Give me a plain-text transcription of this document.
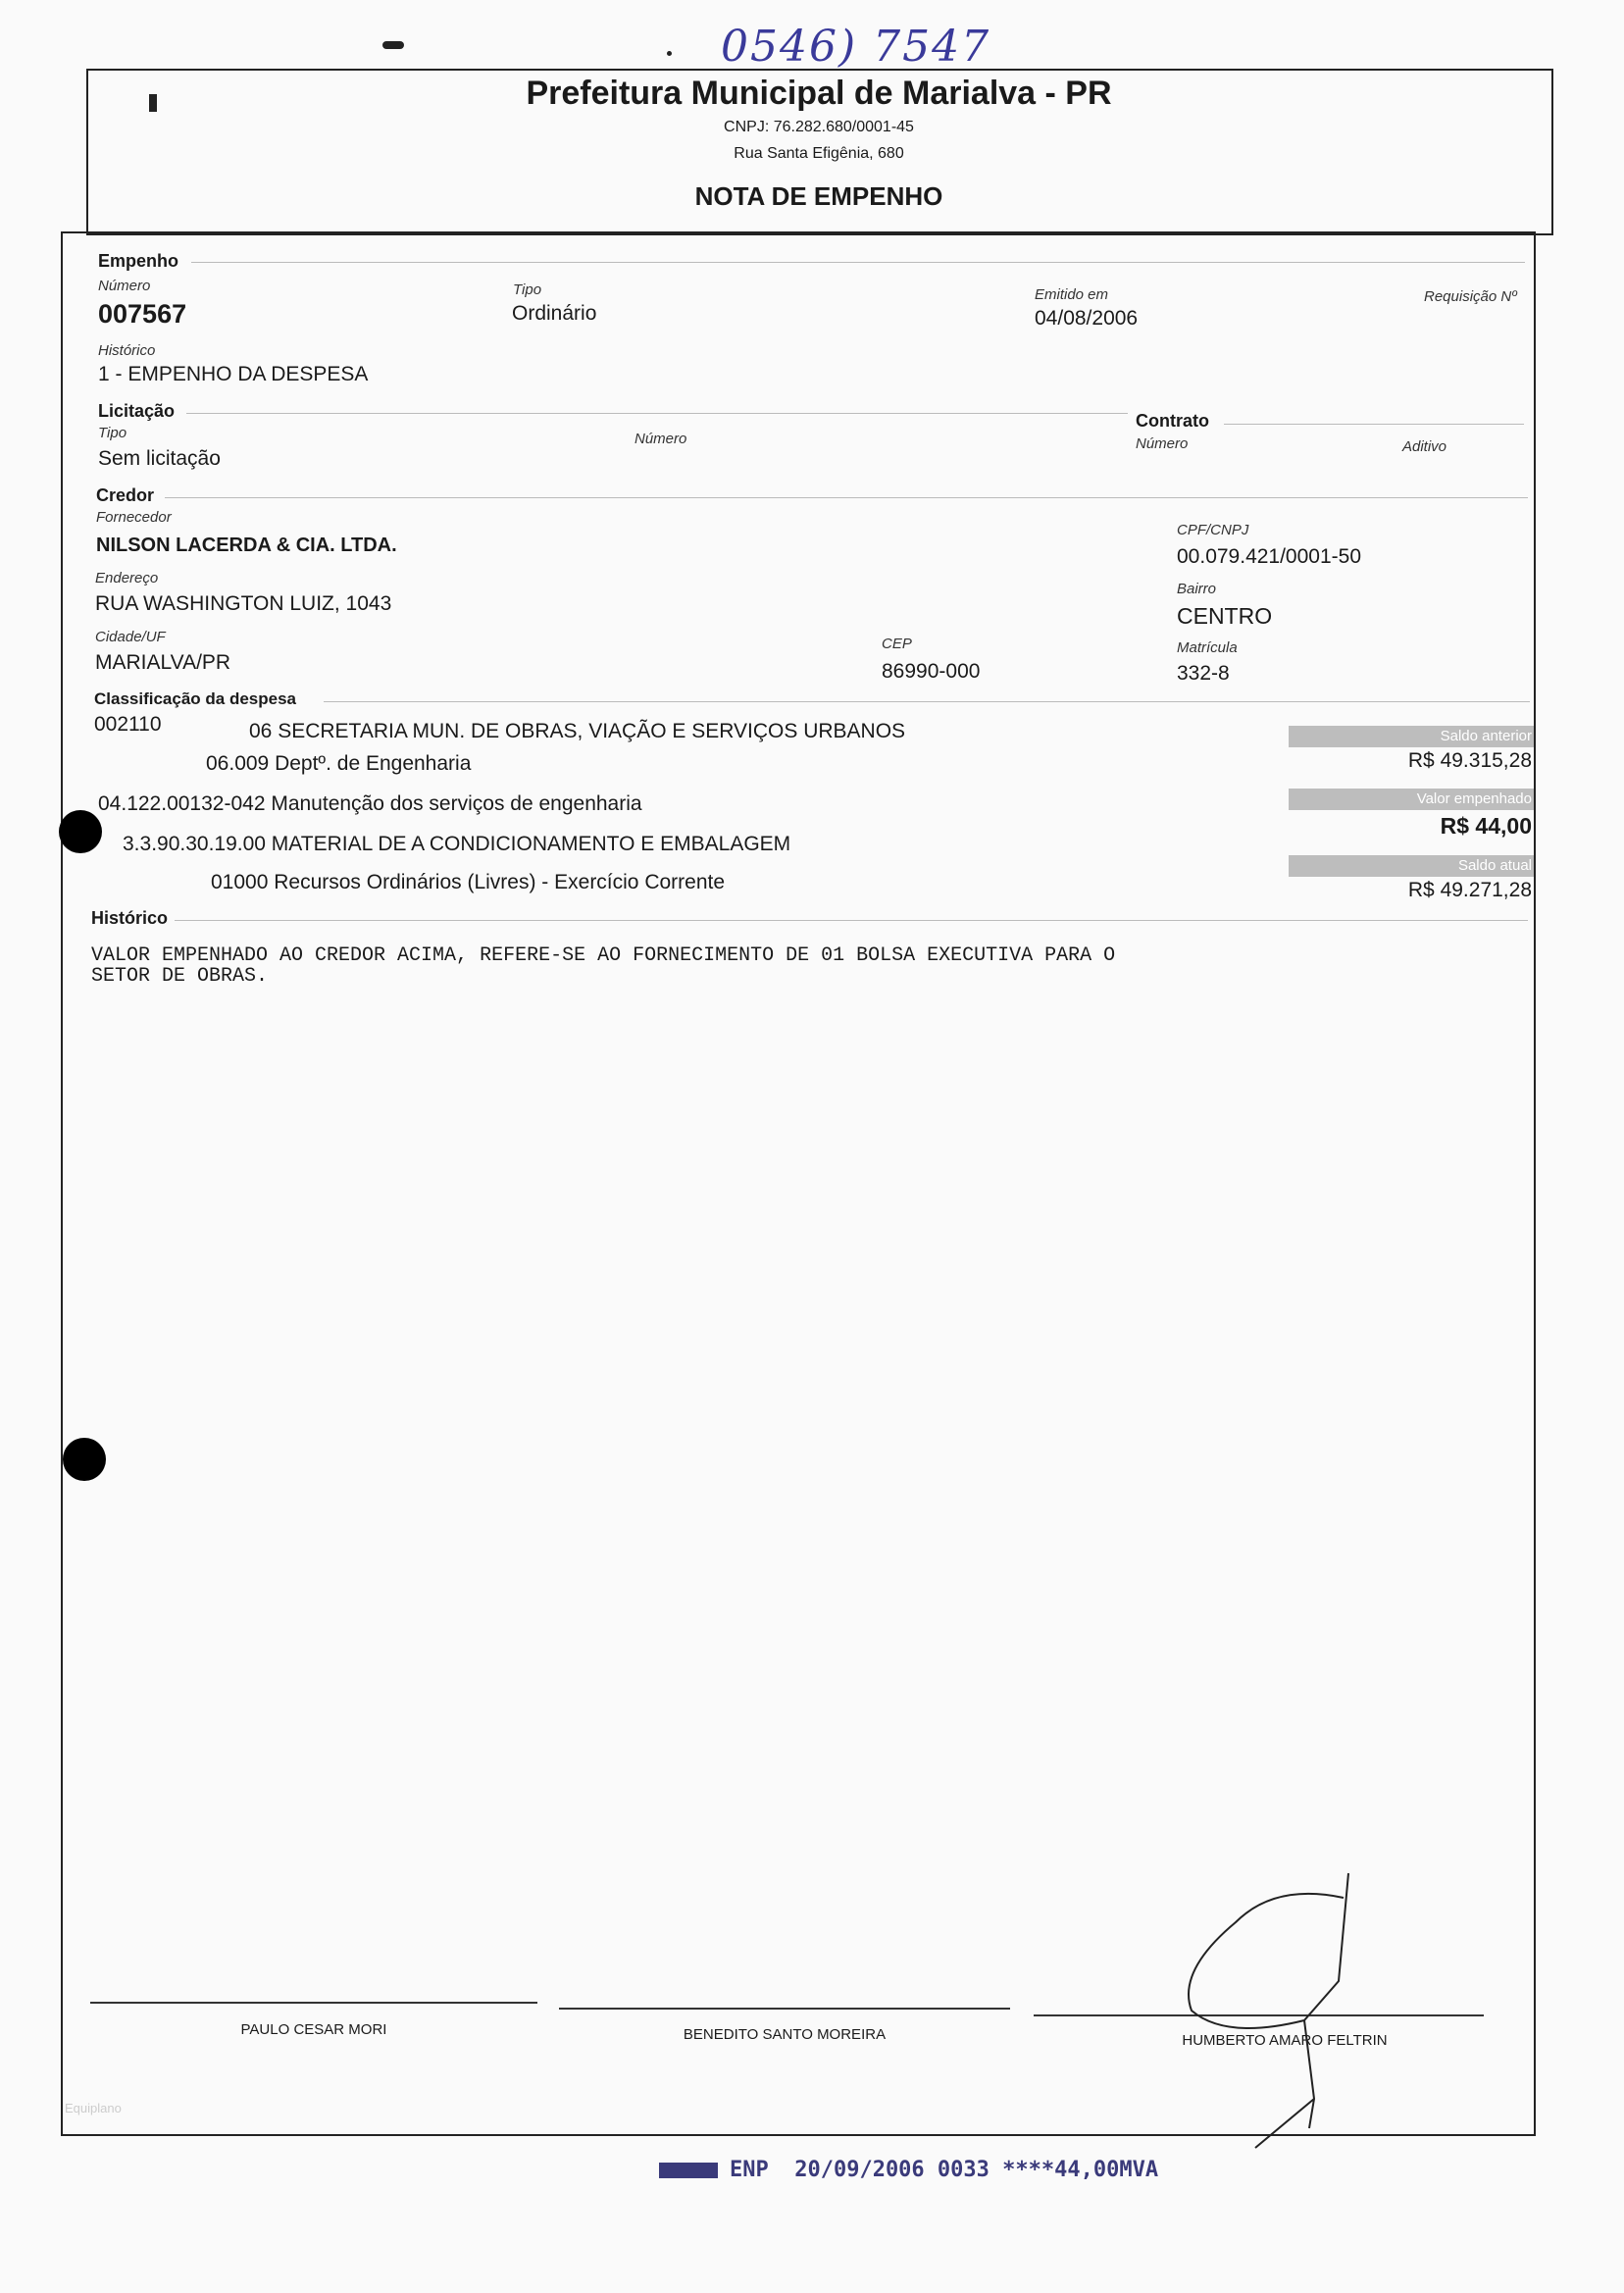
0546) 7547
Prefeitura Municipal de Marialva - PR
CNPJ: 76.282.680/0001-45
Rua Santa Efigênia, 680
NOTA DE EMPENHO
Empenho
Número
007567
Tipo
Ordinário
Emitido em
04/08/2006
Requisição Nº
Histórico
1 - EMPENHO DA DESPESA
Licitação
Tipo
Sem licitação
Número
Contrato
Número	Aditivo
Credor
Fornecedor
NILSON LACERDA & CIA. LTDA.
CPF/CNPJ
00.079.421/0001-50
Endereço
RUA WASHINGTON LUIZ, 1043
Bairro
CENTRO
Cidade/UF
MARIALVA/PR
CEP
86990-000
Matrícula
332-8
Classificação da despesa
002110	06 SECRETARIA MUN. DE OBRAS, VIAÇÃO E SERVIÇOS URBANOS
06.009 Deptº. de Engenharia
04.122.00132-042 Manutenção dos serviços de engenharia
3.3.90.30.19.00 MATERIAL DE A CONDICIONAMENTO E EMBALAGEM
01000 Recursos Ordinários (Livres) - Exercício Corrente
Saldo anterior
R$ 49.315,28
Valor empenhado
R$ 44,00
Saldo atual
R$ 49.271,28
Histórico
VALOR EMPENHADO AO CREDOR ACIMA, REFERE-SE AO FORNECIMENTO DE 01 BOLSA EXECUTIVA PARA O
SETOR DE OBRAS.
PAULO CESAR MORI	BENEDITO SANTO MOREIRA	HUMBERTO AMARO FELTRIN
Equiplano
ENP  20/09/2006 0033 ****44,00MVA
